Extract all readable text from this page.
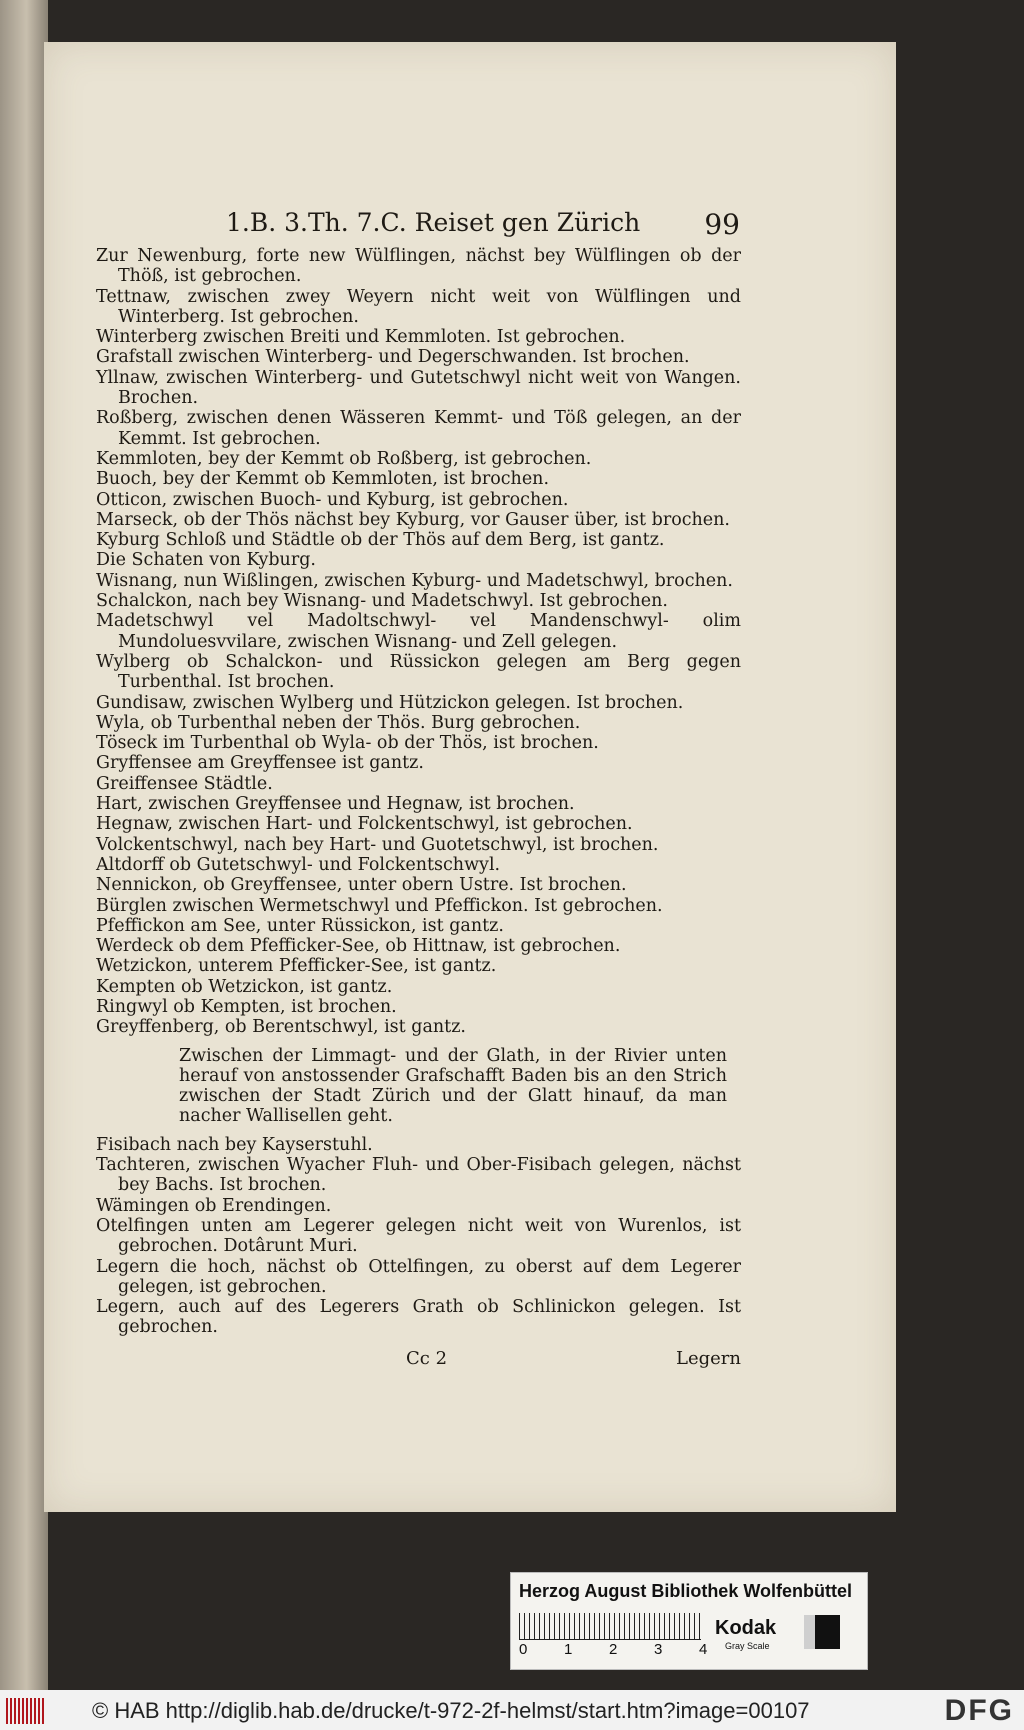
1.B. 3.Th. 7.C. Reiset gen Zürich 99
Zur Newenburg, forte new Wülflingen, nächst bey Wülflingen ob der Thöß, ist gebrochen.
Tettnaw, zwischen zwey Weyern nicht weit von Wülflingen und Winterberg. Ist gebrochen.
Winterberg zwischen Breiti und Kemmloten. Ist gebrochen.
Grafstall zwischen Winterberg- und Degerschwanden. Ist brochen.
Yllnaw, zwischen Winterberg- und Gutetschwyl nicht weit von Wangen. Brochen.
Roßberg, zwischen denen Wässeren Kemmt- und Töß gelegen, an der Kemmt. Ist gebrochen.
Kemmloten, bey der Kemmt ob Roßberg, ist gebrochen.
Buoch, bey der Kemmt ob Kemmloten, ist brochen.
Otticon, zwischen Buoch- und Kyburg, ist gebrochen.
Marseck, ob der Thös nächst bey Kyburg, vor Gauser über, ist brochen.
Kyburg Schloß und Städtle ob der Thös auf dem Berg, ist gantz.
Die Schaten von Kyburg.
Wisnang, nun Wißlingen, zwischen Kyburg- und Madetschwyl, brochen.
Schalckon, nach bey Wisnang- und Madetschwyl. Ist gebrochen.
Madetschwyl vel Madoltschwyl- vel Mandenschwyl- olim Mundoluesvvilare, zwischen Wisnang- und Zell gelegen.
Wylberg ob Schalckon- und Rüssickon gelegen am Berg gegen Turbenthal. Ist brochen.
Gundisaw, zwischen Wylberg und Hützickon gelegen. Ist brochen.
Wyla, ob Turbenthal neben der Thös. Burg gebrochen.
Töseck im Turbenthal ob Wyla- ob der Thös, ist brochen.
Gryffensee am Greyffensee ist gantz.
Greiffensee Städtle.
Hart, zwischen Greyffensee und Hegnaw, ist brochen.
Hegnaw, zwischen Hart- und Folckentschwyl, ist gebrochen.
Volckentschwyl, nach bey Hart- und Guotetschwyl, ist brochen.
Altdorff ob Gutetschwyl- und Folckentschwyl.
Nennickon, ob Greyffensee, unter obern Ustre. Ist brochen.
Bürglen zwischen Wermetschwyl und Pfeffickon. Ist gebrochen.
Pfeffickon am See, unter Rüssickon, ist gantz.
Werdeck ob dem Pfefficker-See, ob Hittnaw, ist gebrochen.
Wetzickon, unterem Pfefficker-See, ist gantz.
Kempten ob Wetzickon, ist gantz.
Ringwyl ob Kempten, ist brochen.
Greyffenberg, ob Berentschwyl, ist gantz.
Zwischen der Limmagt- und der Glath, in der Rivier unten herauf von anstossender Grafschafft Baden bis an den Strich zwischen der Stadt Zürich und der Glatt hinauf, da man nacher Wallisellen geht.
Fisibach nach bey Kayserstuhl.
Tachteren, zwischen Wyacher Fluh- und Ober-Fisibach gelegen, nächst bey Bachs. Ist brochen.
Wämingen ob Erendingen.
Otelfingen unten am Legerer gelegen nicht weit von Wurenlos, ist gebrochen. Dotârunt Muri.
Legern die hoch, nächst ob Ottelfingen, zu oberst auf dem Legerer gelegen, ist gebrochen.
Legern, auch auf des Legerers Grath ob Schlinickon gelegen. Ist gebrochen.
Cc 2	Legern
Herzog August Bibliothek Wolfenbüttel
0 1 2 3 4
Kodak
Gray Scale
© HAB http://diglib.hab.de/drucke/t-972-2f-helmst/start.htm?image=00107	DFG
